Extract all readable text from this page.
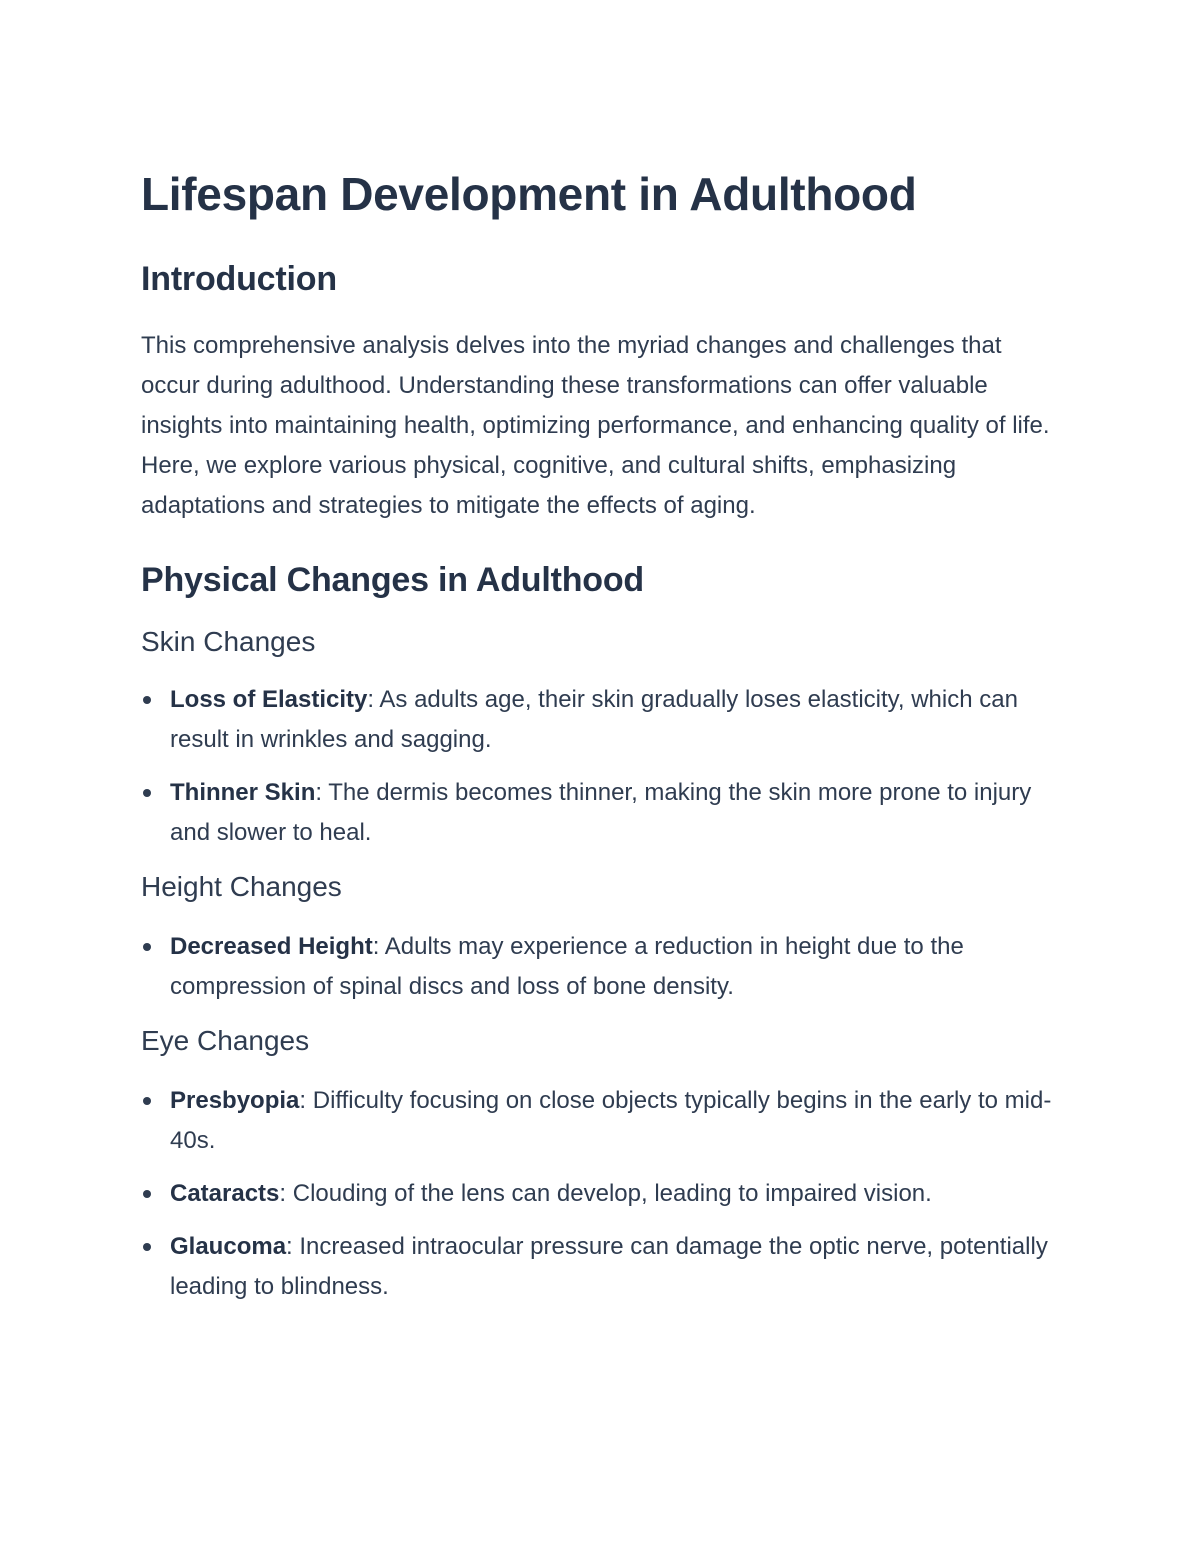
Lifespan Development in Adulthood
Introduction

This comprehensive analysis delves into the myriad changes and challenges that occur during adulthood. Understanding these transformations can offer valuable insights into maintaining health, optimizing performance, and enhancing quality of life. Here, we explore various physical, cognitive, and cultural shifts, emphasizing adaptations and strategies to mitigate the effects of aging.

Physical Changes in Adulthood
Skin Changes
Loss of Elasticity: As adults age, their skin gradually loses elasticity, which can result in wrinkles and sagging.
Thinner Skin: The dermis becomes thinner, making the skin more prone to injury and slower to heal.
Height Changes
Decreased Height: Adults may experience a reduction in height due to the compression of spinal discs and loss of bone density.
Eye Changes
Presbyopia: Difficulty focusing on close objects typically begins in the early to mid-40s.
Cataracts: Clouding of the lens can develop, leading to impaired vision.
Glaucoma: Increased intraocular pressure can damage the optic nerve, potentially leading to blindness.
